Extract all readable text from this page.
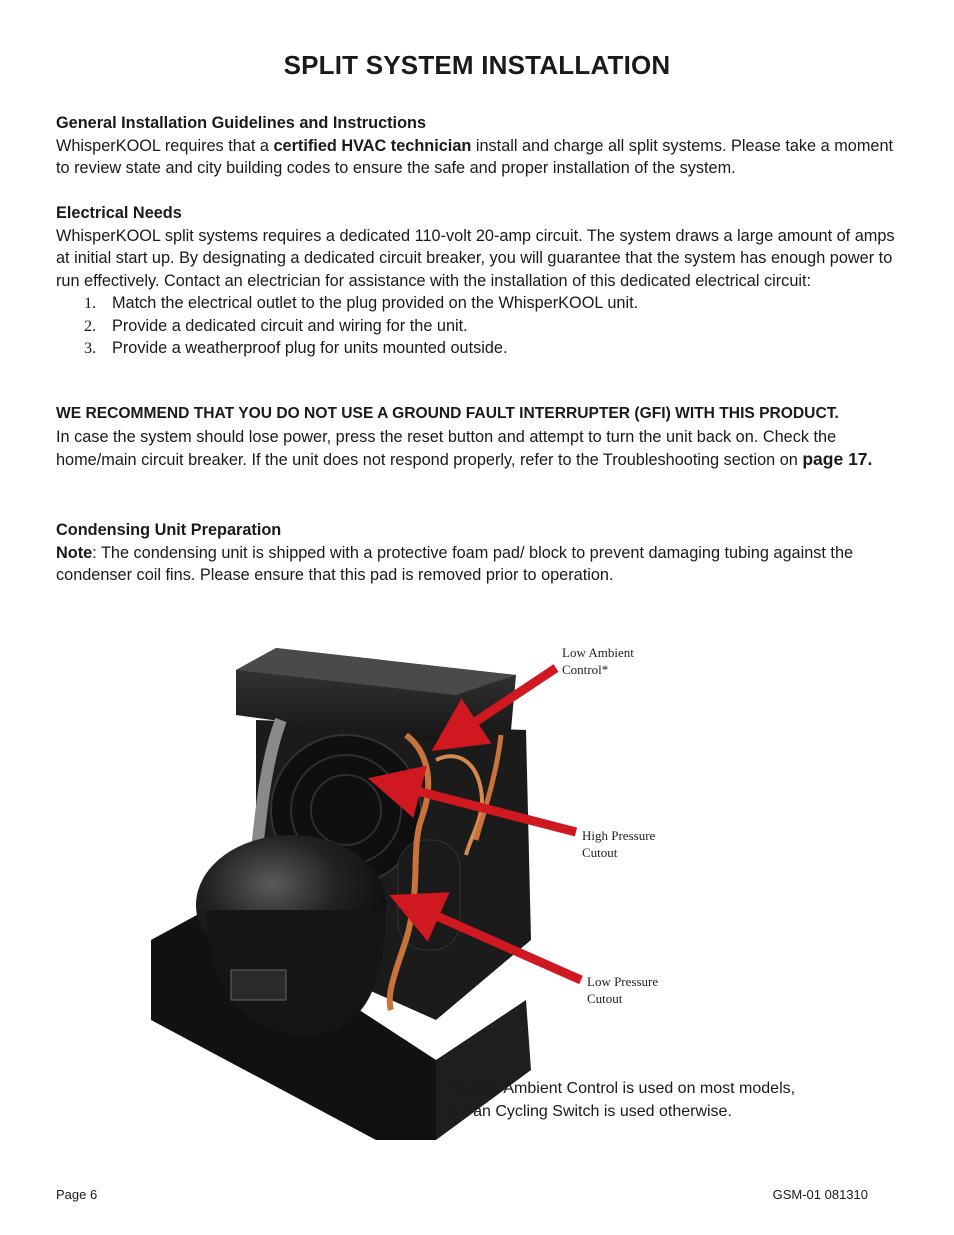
SPLIT SYSTEM INSTALLATION
General Installation Guidelines and Instructions

WhisperKOOL requires that a certified HVAC technician install and charge all split systems. Please take a moment to review state and city building codes to ensure the safe and proper installation of the system.

Electrical Needs

WhisperKOOL split systems requires a dedicated 110-volt 20-amp circuit. The system draws a large amount of amps at initial start up. By designating a dedicated circuit breaker, you will guarantee that the system has enough power to run effectively. Contact an electrician for assistance with the installation of this dedicated electrical circuit:

1. Match the electrical outlet to the plug provided on the WhisperKOOL unit.
2. Provide a dedicated circuit and wiring for the unit.
3. Provide a weatherproof plug for units mounted outside.
WE RECOMMEND THAT YOU DO NOT USE A GROUND FAULT INTERRUPTER (GFI) WITH THIS PRODUCT.

In case the system should lose power, press the reset button and attempt to turn the unit back on. Check the home/main circuit breaker. If the unit does not respond properly, refer to the Troubleshooting section on page 17.

Condensing Unit Preparation

Note: The condensing unit is shipped with a protective foam pad/ block to prevent damaging tubing against the condenser coil fins. Please ensure that this pad is removed prior to operation.

Low Ambient
Control*
High Pressure
Cutout
Low Pressure
Cutout
*A Low Ambient Control is used on most models,
a Fan Cycling Switch is used otherwise.
Page 6	GSM-01 081310
